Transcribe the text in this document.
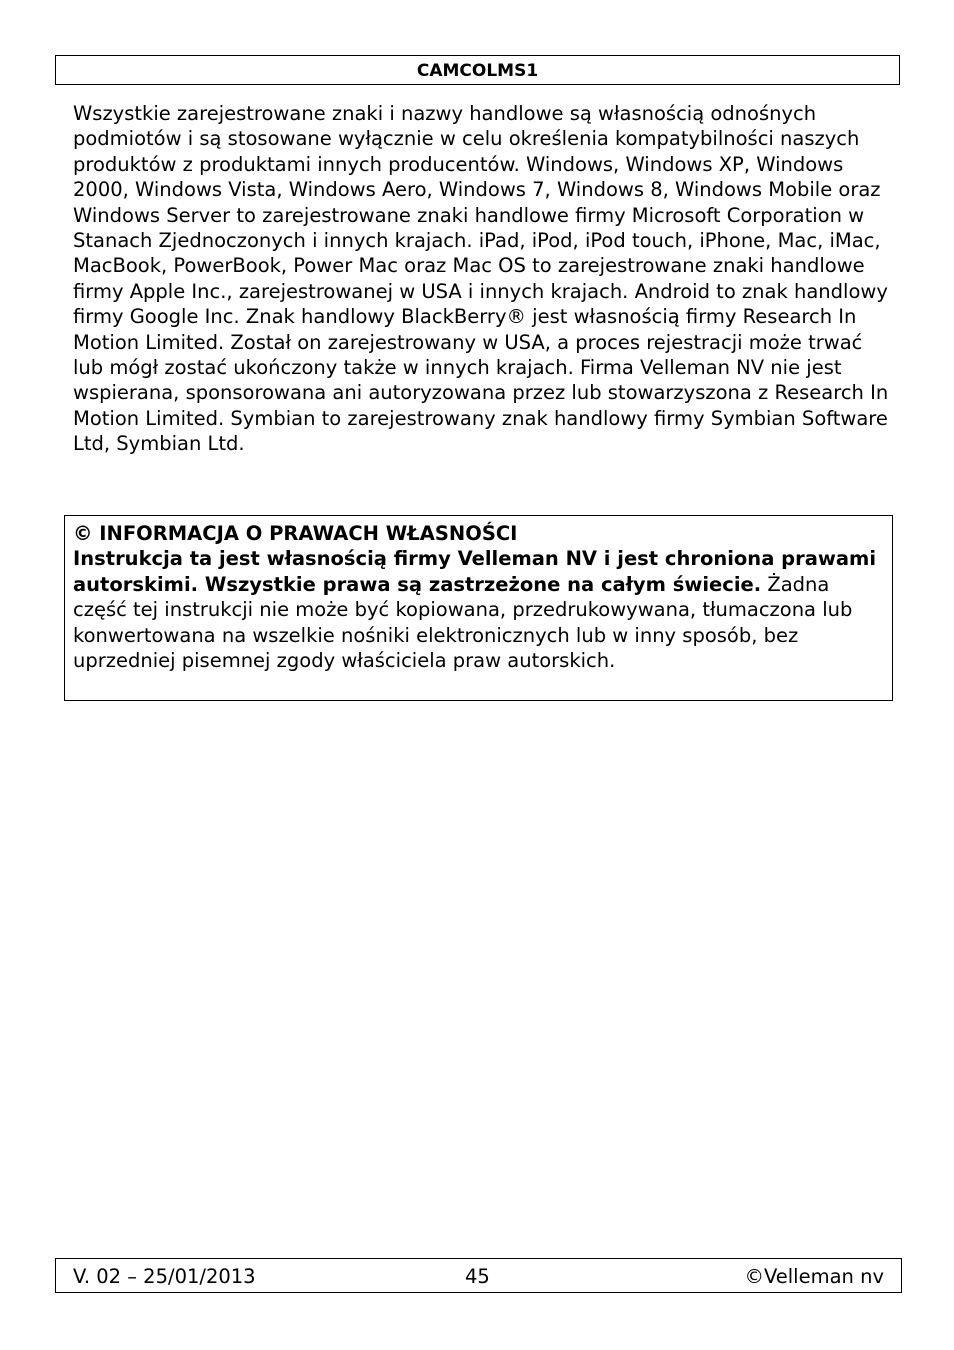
CAMCOLMS1

Wszystkie zarejestrowane znaki i nazwy handlowe są własnością odnośnych podmiotów i są stosowane wyłącznie w celu określenia kompatybilności naszych produktów z produktami innych producentów. Windows, Windows XP, Windows 2000, Windows Vista, Windows Aero, Windows 7, Windows 8, Windows Mobile oraz Windows Server to zarejestrowane znaki handlowe firmy Microsoft Corporation w Stanach Zjednoczonych i innych krajach. iPad, iPod, iPod touch, iPhone, Mac, iMac, MacBook, PowerBook, Power Mac oraz Mac OS to zarejestrowane znaki handlowe firmy Apple Inc., zarejestrowanej w USA i innych krajach. Android to znak handlowy firmy Google Inc. Znak handlowy BlackBerry® jest własnością firmy Research In Motion Limited. Został on zarejestrowany w USA, a proces rejestracji może trwać lub mógł zostać ukończony także w innych krajach. Firma Velleman NV nie jest wspierana, sponsorowana ani autoryzowana przez lub stowarzyszona z Research In Motion Limited. Symbian to zarejestrowany znak handlowy firmy Symbian Software Ltd, Symbian Ltd.

© INFORMACJA O PRAWACH WŁASNOŚCI

Instrukcja ta jest własnością firmy Velleman NV i jest chroniona prawami autorskimi. Wszystkie prawa są zastrzeżone na całym świecie. Żadna część tej instrukcji nie może być kopiowana, przedrukowywana, tłumaczona lub konwertowana na wszelkie nośniki elektronicznych lub w inny sposób, bez uprzedniej pisemnej zgody właściciela praw autorskich.

V. 02 – 25/01/2013	45	©Velleman nv
